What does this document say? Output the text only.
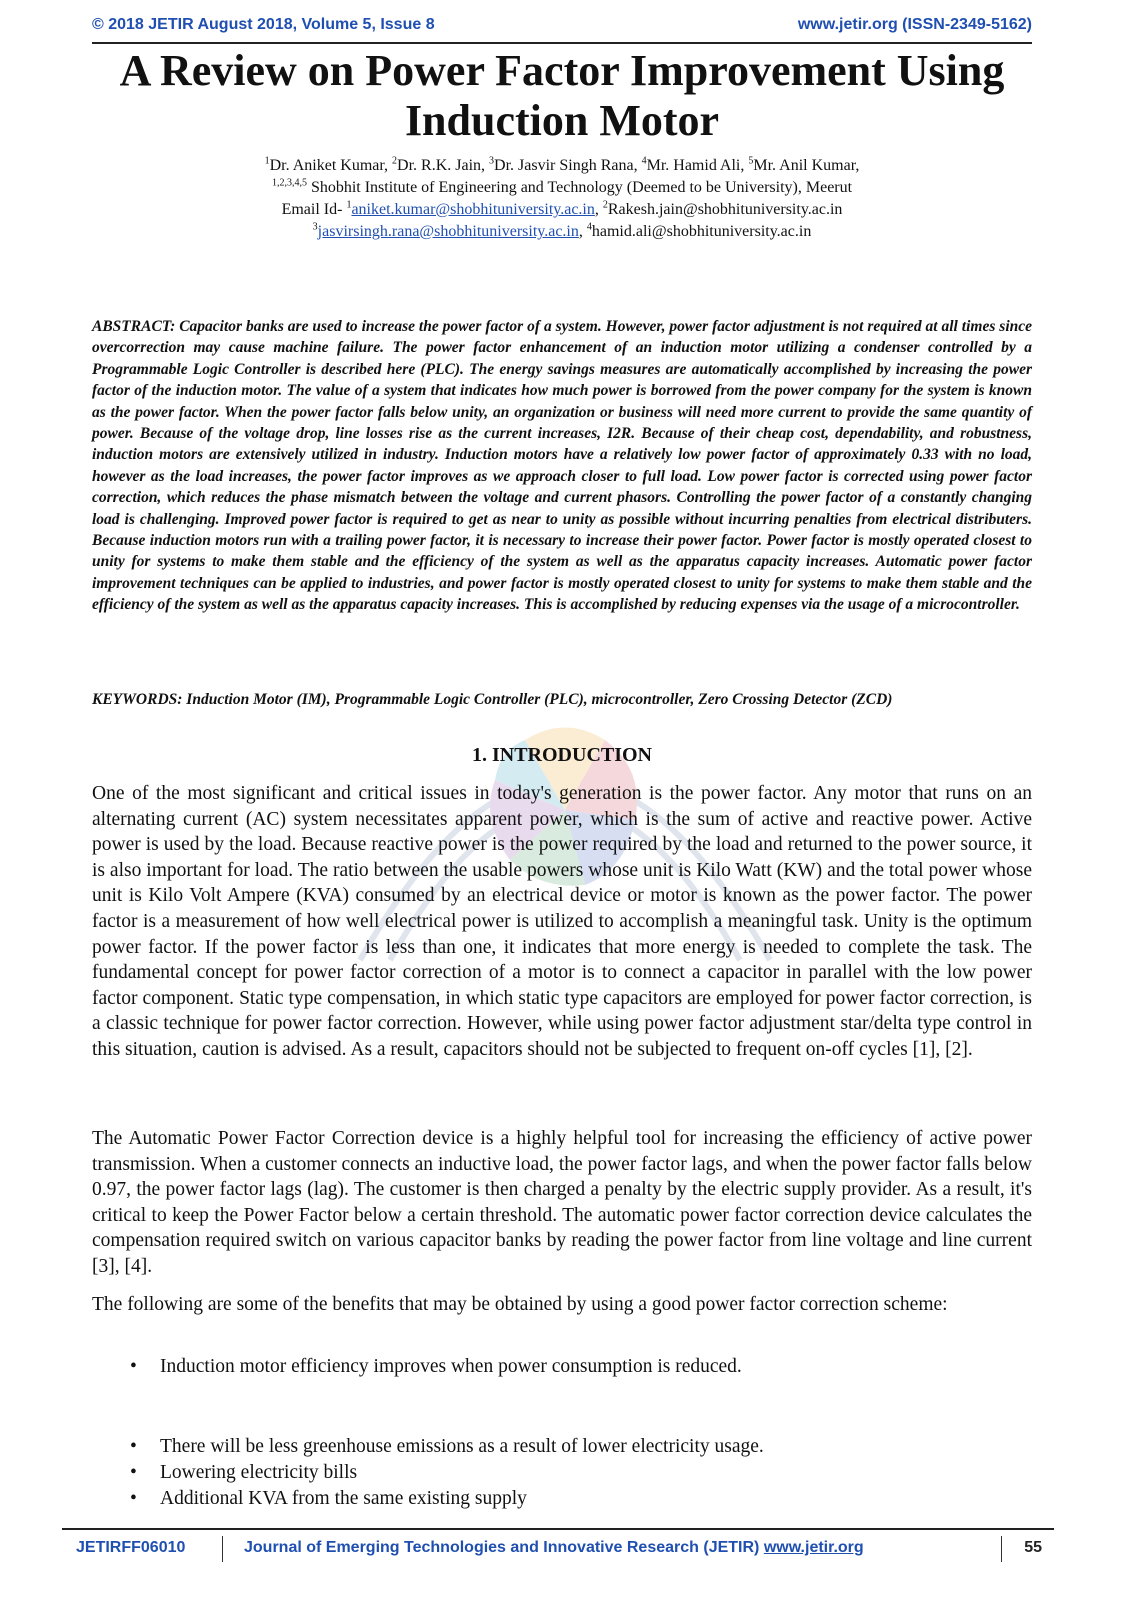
© 2018 JETIR August 2018, Volume 5, Issue 8	www.jetir.org (ISSN-2349-5162)
A Review on Power Factor Improvement Using Induction Motor
$^1$Dr. Aniket Kumar, $^2$Dr. R.K. Jain, $^3$Dr. Jasvir Singh Rana, $^4$Mr. Hamid Ali, $^5$Mr. Anil Kumar,
$^{1,2,3,4,5}$ Shobhit Institute of Engineering and Technology (Deemed to be University), Meerut
Email Id- $^1$aniket.kumar@shobhituniversity.ac.in, $^2$Rakesh.jain@shobhituniversity.ac.in
$^3$jasvirsingh.rana@shobhituniversity.ac.in, $^4$hamid.ali@shobhituniversity.ac.in

ABSTRACT: Capacitor banks are used to increase the power factor of a system. However, power factor adjustment is not required at all times since overcorrection may cause machine failure. The power factor enhancement of an induction motor utilizing a condenser controlled by a Programmable Logic Controller is described here (PLC). The energy savings measures are automatically accomplished by increasing the power factor of the induction motor. The value of a system that indicates how much power is borrowed from the power company for the system is known as the power factor. When the power factor falls below unity, an organization or business will need more current to provide the same quantity of power. Because of the voltage drop, line losses rise as the current increases, I2R. Because of their cheap cost, dependability, and robustness, induction motors are extensively utilized in industry. Induction motors have a relatively low power factor of approximately 0.33 with no load, however as the load increases, the power factor improves as we approach closer to full load. Low power factor is corrected using power factor correction, which reduces the phase mismatch between the voltage and current phasors. Controlling the power factor of a constantly changing load is challenging. Improved power factor is required to get as near to unity as possible without incurring penalties from electrical distributers. Because induction motors run with a trailing power factor, it is necessary to increase their power factor. Power factor is mostly operated closest to unity for systems to make them stable and the efficiency of the system as well as the apparatus capacity increases. Automatic power factor improvement techniques can be applied to industries, and power factor is mostly operated closest to unity for systems to make them stable and the efficiency of the system as well as the apparatus capacity increases. This is accomplished by reducing expenses via the usage of a microcontroller.

KEYWORDS: Induction Motor (IM), Programmable Logic Controller (PLC), microcontroller, Zero Crossing Detector (ZCD)

1. INTRODUCTION

One of the most significant and critical issues in today's generation is the power factor. Any motor that runs on an alternating current (AC) system necessitates apparent power, which is the sum of active and reactive power. Active power is used by the load. Because reactive power is the power required by the load and returned to the power source, it is also important for load. The ratio between the usable powers whose unit is Kilo Watt (KW) and the total power whose unit is Kilo Volt Ampere (KVA) consumed by an electrical device or motor is known as the power factor. The power factor is a measurement of how well electrical power is utilized to accomplish a meaningful task. Unity is the optimum power factor. If the power factor is less than one, it indicates that more energy is needed to complete the task. The fundamental concept for power factor correction of a motor is to connect a capacitor in parallel with the low power factor component. Static type compensation, in which static type capacitors are employed for power factor correction, is a classic technique for power factor correction. However, while using power factor adjustment star/delta type control in this situation, caution is advised. As a result, capacitors should not be subjected to frequent on-off cycles [1], [2].

The Automatic Power Factor Correction device is a highly helpful tool for increasing the efficiency of active power transmission. When a customer connects an inductive load, the power factor lags, and when the power factor falls below 0.97, the power factor lags (lag). The customer is then charged a penalty by the electric supply provider. As a result, it's critical to keep the Power Factor below a certain threshold. The automatic power factor correction device calculates the compensation required switch on various capacitor banks by reading the power factor from line voltage and line current [3], [4].

The following are some of the benefits that may be obtained by using a good power factor correction scheme:

• Induction motor efficiency improves when power consumption is reduced.
• There will be less greenhouse emissions as a result of lower electricity usage.
• Lowering electricity bills
• Additional KVA from the same existing supply
JETIRFF06010	Journal of Emerging Technologies and Innovative Research (JETIR) www.jetir.org	55
